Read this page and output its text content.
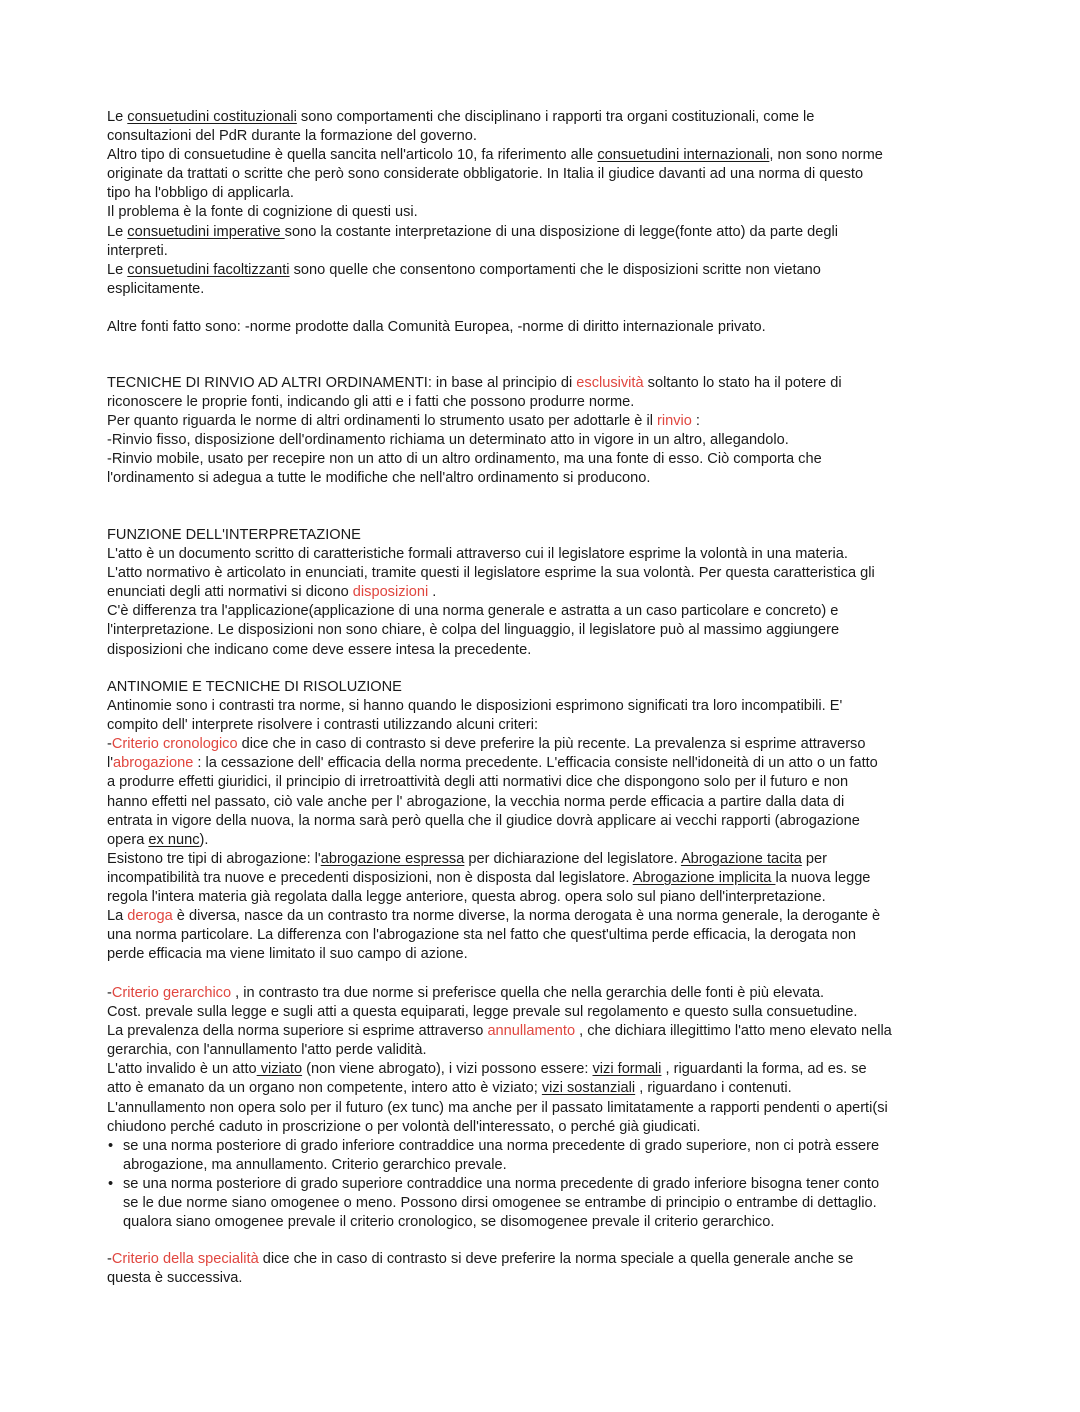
Le consuetudini costituzionali sono comportamenti che disciplinano i rapporti tra organi costituzionali, come le
consultazioni del PdR durante la formazione del governo.
Altro tipo di consuetudine è quella sancita nell'articolo 10, fa riferimento alle consuetudini internazionali, non sono norme
originate da trattati o scritte che però sono considerate obbligatorie. In Italia il giudice davanti ad una norma di questo
tipo ha l'obbligo di applicarla.
Il problema è la fonte di cognizione di questi usi.
Le consuetudini imperative sono la costante interpretazione di una disposizione di legge(fonte atto) da parte degli
interpreti.
Le consuetudini facoltizzanti sono quelle che consentono comportamenti che le disposizioni scritte non vietano
esplicitamente.
Altre fonti fatto sono: -norme prodotte dalla Comunità Europea, -norme di diritto internazionale privato.
TECNICHE DI RINVIO AD ALTRI ORDINAMENTI: in base al principio di esclusività soltanto lo stato ha il potere di
riconoscere le proprie fonti, indicando gli atti e i fatti che possono produrre norme.
Per quanto riguarda le norme di altri ordinamenti lo strumento usato per adottarle è il rinvio :
-Rinvio fisso, disposizione dell'ordinamento richiama un determinato atto in vigore in un altro, allegandolo.
-Rinvio mobile, usato per recepire non un atto di un altro ordinamento, ma una fonte di esso. Ciò comporta che
l'ordinamento si adegua a tutte le modifiche che nell'altro ordinamento si producono.
FUNZIONE DELL'INTERPRETAZIONE
L'atto è un documento scritto di caratteristiche formali attraverso cui il legislatore esprime la volontà in una materia.
L'atto normativo è articolato in enunciati, tramite questi il legislatore esprime la sua volontà. Per questa caratteristica gli
enunciati degli atti normativi si dicono disposizioni .
C'è differenza tra l'applicazione(applicazione di una norma generale e astratta a un caso particolare e concreto) e
l'interpretazione. Le disposizioni non sono chiare, è colpa del linguaggio, il legislatore può al massimo aggiungere
disposizioni che indicano come deve essere intesa la precedente.
ANTINOMIE E TECNICHE DI RISOLUZIONE
Antinomie sono i contrasti tra norme, si hanno quando le disposizioni esprimono significati tra loro incompatibili. E'
compito dell' interprete risolvere i contrasti utilizzando alcuni criteri:
-Criterio cronologico dice che in caso di contrasto si deve preferire la più recente. La prevalenza si esprime attraverso
l'abrogazione : la cessazione dell' efficacia della norma precedente. L'efficacia consiste nell'idoneità di un atto o un fatto
a produrre effetti giuridici, il principio di irretroattività degli atti normativi dice che dispongono solo per il futuro e non
hanno effetti nel passato, ciò vale anche per l' abrogazione, la vecchia norma perde efficacia a partire dalla data di
entrata in vigore della nuova, la norma sarà però quella che il giudice dovrà applicare ai vecchi rapporti (abrogazione
opera ex nunc).
Esistono tre tipi di abrogazione: l'abrogazione espressa per dichiarazione del legislatore. Abrogazione tacita per
incompatibilità tra nuove e precedenti disposizioni, non è disposta dal legislatore. Abrogazione implicita la nuova legge
regola l'intera materia già regolata dalla legge anteriore, questa abrog. opera solo sul piano dell'interpretazione.
La deroga è diversa, nasce da un contrasto tra norme diverse, la norma derogata è una norma generale, la derogante è
una norma particolare. La differenza con l'abrogazione sta nel fatto che quest'ultima perde efficacia, la derogata non
perde efficacia ma viene limitato il suo campo di azione.
-Criterio gerarchico , in contrasto tra due norme si preferisce quella che nella gerarchia delle fonti è più elevata.
Cost. prevale sulla legge e sugli atti a questa equiparati, legge prevale sul regolamento e questo sulla consuetudine.
La prevalenza della norma superiore si esprime attraverso annullamento , che dichiara illegittimo l'atto meno elevato nella
gerarchia, con l'annullamento l'atto perde validità.
L'atto invalido è un atto viziato (non viene abrogato), i vizi possono essere: vizi formali , riguardanti la forma, ad es. se
atto è emanato da un organo non competente, intero atto è viziato; vizi sostanziali , riguardano i contenuti.
L'annullamento non opera solo per il futuro (ex tunc) ma anche per il passato limitatamente a rapporti pendenti o aperti(si
chiudono perché caduto in proscrizione o per volontà dell'interessato, o perché già giudicati.
• se una norma posteriore di grado inferiore contraddice una norma precedente di grado superiore, non ci potrà essere
abrogazione, ma annullamento. Criterio gerarchico prevale.
• se una norma posteriore di grado superiore contraddice una norma precedente di grado inferiore bisogna tener conto
se le due norme siano omogenee o meno. Possono dirsi omogenee se entrambe di principio o entrambe di dettaglio.
qualora siano omogenee prevale il criterio cronologico, se disomogenee prevale il criterio gerarchico.
-Criterio della specialità dice che in caso di contrasto si deve preferire la norma speciale a quella generale anche se
questa è successiva.
